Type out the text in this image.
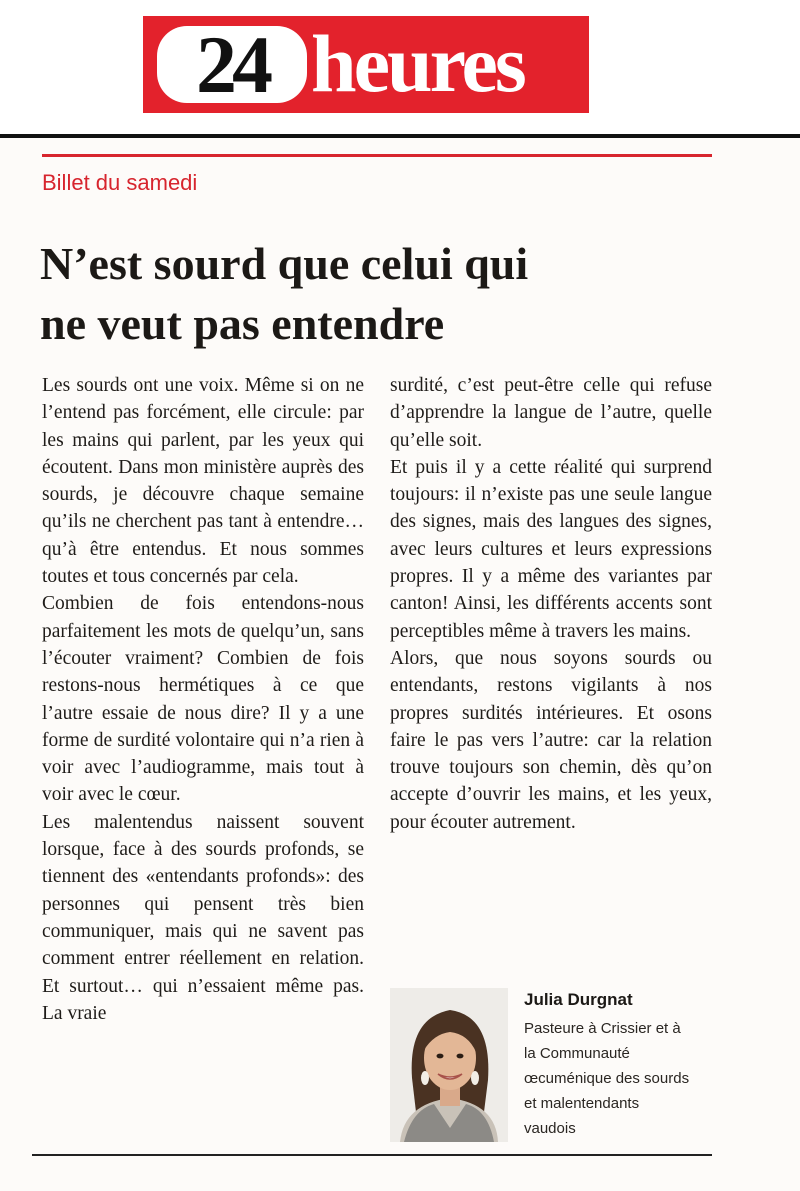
24 heures
Billet du samedi
N’est sourd que celui qui
ne veut pas entendre

Les sourds ont une voix. Même si on ne l’entend pas forcément, elle circule: par les mains qui parlent, par les yeux qui écoutent. Dans mon ministère auprès des sourds, je découvre chaque semaine qu’ils ne cherchent pas tant à entendre… qu’à être entendus. Et nous sommes toutes et tous concernés par cela.

Combien de fois entendons-nous parfaitement les mots de quelqu’un, sans l’écouter vraiment? Combien de fois restons-nous hermétiques à ce que l’autre essaie de nous dire? Il y a une forme de surdité volontaire qui n’a rien à voir avec l’audiogramme, mais tout à voir avec le cœur.

Les malentendus naissent souvent lorsque, face à des sourds profonds, se tiennent des «entendants profonds»: des personnes qui pensent très bien communiquer, mais qui ne savent pas comment entrer réellement en relation. Et surtout… qui n’essaient même pas. La vraie

surdité, c’est peut-être celle qui refuse d’apprendre la langue de l’autre, quelle qu’elle soit.

Et puis il y a cette réalité qui surprend toujours: il n’existe pas une seule langue des signes, mais des langues des signes, avec leurs cultures et leurs expressions propres. Il y a même des variantes par canton! Ainsi, les différents accents sont perceptibles même à travers les mains.

Alors, que nous soyons sourds ou entendants, restons vigilants à nos propres surdités intérieures. Et osons faire le pas vers l’autre: car la relation trouve toujours son chemin, dès qu’on accepte d’ouvrir les mains, et les yeux, pour écouter autrement.

Julia Durgnat

Pasteure à Crissier et à
la Communauté
œcuménique des sourds
et malentendants
vaudois
